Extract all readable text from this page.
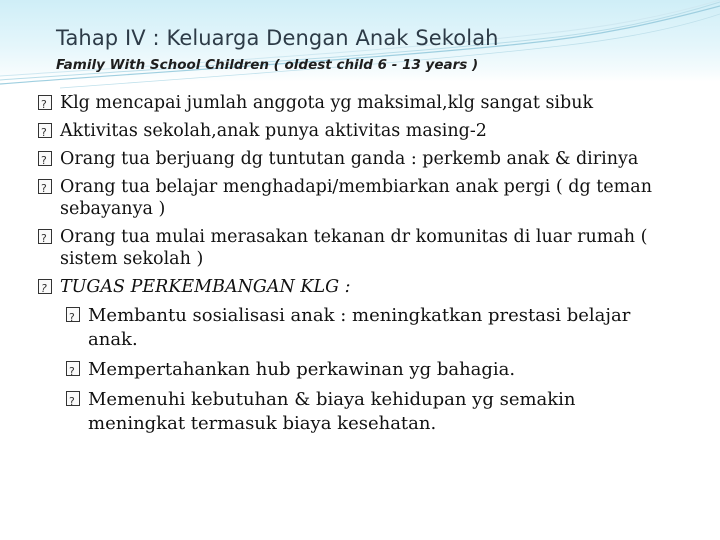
Tahap IV : Keluarga Dengan Anak Sekolah
Family With School Children ( oldest child 6 - 13 years )
?
Klg mencapai jumlah anggota yg maksimal,klg sangat sibuk
?
Aktivitas sekolah,anak punya aktivitas masing-2
?
Orang tua berjuang dg tuntutan ganda : perkemb anak & dirinya
?
Orang tua belajar menghadapi/membiarkan anak pergi ( dg teman sebayanya )
?
Orang tua mulai merasakan tekanan dr komunitas di luar rumah ( sistem sekolah )
?
TUGAS PERKEMBANGAN KLG :
?
Membantu sosialisasi anak : meningkatkan prestasi belajar anak.
?
Mempertahankan hub perkawinan yg bahagia.
?
Memenuhi kebutuhan & biaya kehidupan yg semakin meningkat termasuk biaya kesehatan.
